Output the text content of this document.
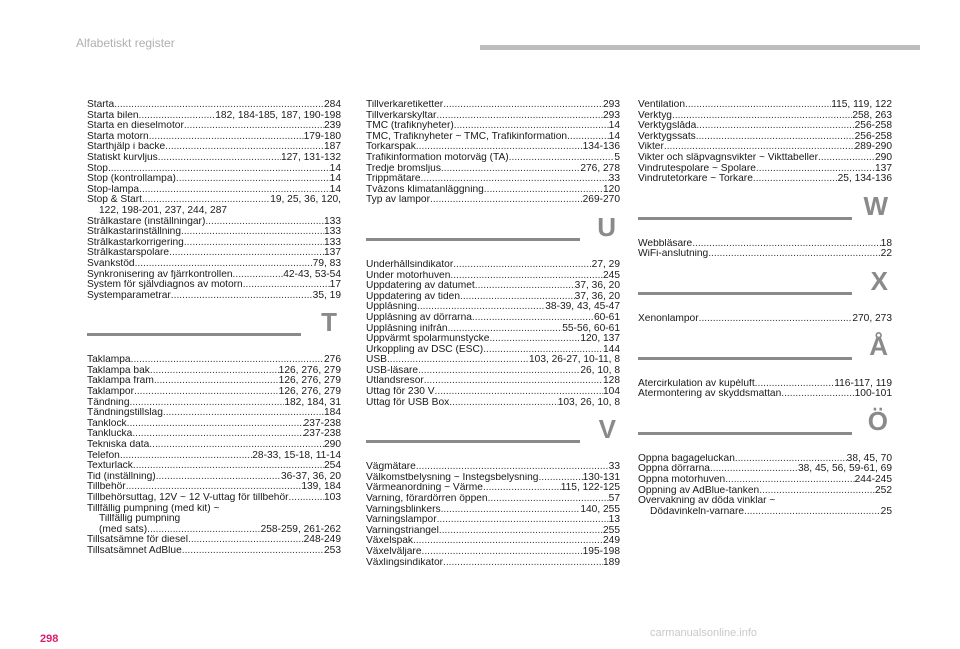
Alfabetiskt register
Starta .....	284
Starta bilen .....	182, 184-185, 187, 190-198
Starta en dieselmotor .....	239
Starta motorn .....	179-180
Starthjälp i backe .....	187
Statiskt kurvljus .....	127, 131-132
Stop .....	14
Stop (kontrollampa) .....	14
Stop-lampa .....	14
Stop & Start .....	19, 25, 36, 120,
122, 198-201, 237, 244, 287
Strålkastare (inställningar) .....	133
Strålkastarinställning .....	133
Strålkastarkorrigering .....	133
Strålkastarspolare .....	137
Svankstöd .....	79, 83
Synkronisering av fjärrkontrollen .....	42-43, 53-54
System för självdiagnos av motorn .....	17
Systemparametrar .....	35, 19
T
Taklampa .....	276
Taklampa bak .....	126, 276, 279
Taklampa fram .....	126, 276, 279
Taklampor .....	126, 276, 279
Tändning .....	182, 184, 31
Tändningstillslag .....	184
Tanklock .....	237-238
Tanklucka .....	237-238
Tekniska data .....	290
Telefon .....	28-33, 15-18, 11-14
Texturlack .....	254
Tid (inställning) .....	36-37, 36, 20
Tillbehör .....	139, 184
Tillbehörsuttag, 12V ~ 12 V-uttag för tillbehör .....	103
Tillfällig pumpning (med kit) ~
Tillfällig pumpning
(med sats) .....	258-259, 261-262
Tillsatsämne för diesel .....	248-249
Tillsatsämnet AdBlue .....	253
Tillverkaretiketter .....	293
Tillverkarskyltar .....	293
TMC (trafiknyheter) .....	14
TMC, Trafiknyheter ~ TMC, Trafikinformation .....	14
Torkarspak .....	134-136
Trafikinformation motorväg (TA) .....	5
Tredje bromsljus .....	276, 278
Trippmätare .....	33
Tvåzons klimatanläggning .....	120
Typ av lampor .....	269-270
U
Underhållsindikator .....	27, 29
Under motorhuven .....	245
Uppdatering av datumet .....	37, 36, 20
Uppdatering av tiden .....	37, 36, 20
Upplåsning .....	38-39, 43, 45-47
Upplåsning av dörrarna .....	60-61
Upplåsning inifrån .....	55-56, 60-61
Uppvärmt spolarmunstycke .....	120, 137
Urkoppling av DSC (ESC) .....	144
USB .....	103, 26-27, 10-11, 8
USB-läsare .....	26, 10, 8
Utlandsresor .....	128
Uttag för 230 V .....	104
Uttag för USB Box .....	103, 26, 10, 8
V
Vägmätare .....	33
Välkomstbelysning ~ Instegsbelysning .....	130-131
Värmeanordning ~ Värme .....	115, 122-125
Varning, förardörren öppen .....	57
Varningsblinkers .....	140, 255
Varningslampor .....	13
Varningstriangel .....	255
Växelspak .....	249
Växelväljare .....	195-198
Växlingsindikator .....	189
Ventilation .....	115, 119, 122
Verktyg .....	258, 263
Verktygslåda .....	256-258
Verktygssats .....	256-258
Vikter .....	289-290
Vikter och släpvagnsvikter ~ Vikttabeller .....	290
Vindrutespolare ~ Spolare .....	137
Vindrutetorkare ~ Torkare .....	25, 134-136
W
Webbläsare .....	18
WiFi-anslutning .....	22
X
Xenonlampor .....	270, 273
Å
Återcirkulation av kupéluft .....	116-117, 119
Återmontering av skyddsmattan .....	100-101
Ö
Öppna bagageluckan .....	38, 45, 70
Öppna dörrarna .....	38, 45, 56, 59-61, 69
Öppna motorhuven .....	244-245
Öppning av AdBlue-tanken .....	252
Övervakning av döda vinklar ~
Dödavinkeln-varnare .....	25
298	carmanualsonline.info
